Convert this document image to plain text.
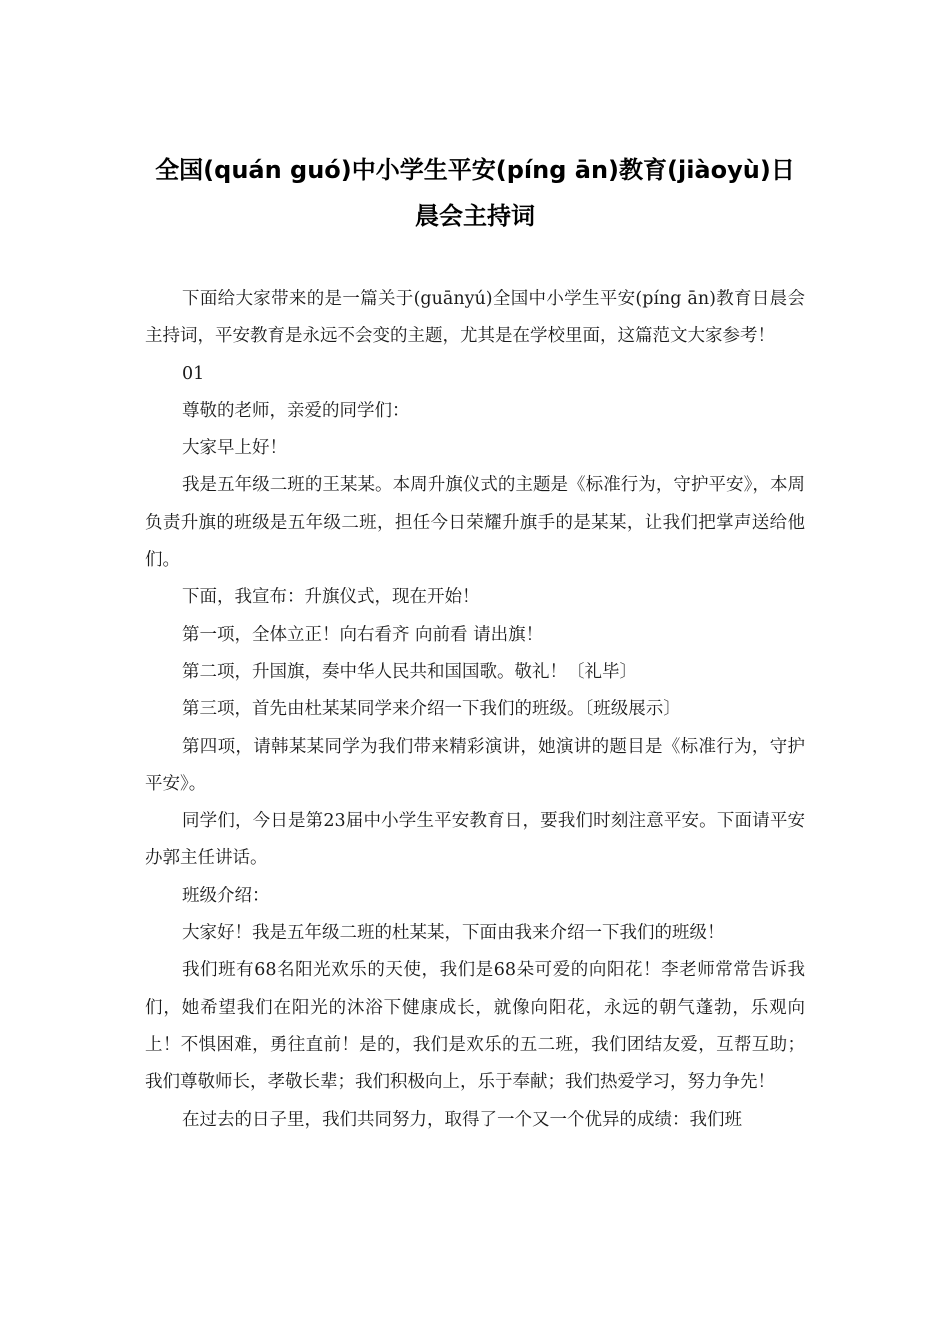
全国(quán guó)中小学生平安(píng ān)教育(jiàoyù)日晨会主持词

下面给大家带来的是一篇关于(guānyú)全国中小学生平安(píng ān)教育日晨会主持词，平安教育是永远不会变的主题，尤其是在学校里面，这篇范文大家参考！

01

尊敬的老师，亲爱的同学们：

大家早上好！

我是五年级二班的王某某。本周升旗仪式的主题是《标准行为，守护平安》，本周负责升旗的班级是五年级二班，担任今日荣耀升旗手的是某某，让我们把掌声送给他们。

下面，我宣布：升旗仪式，现在开始！

第一项，全体立正！向右看齐 向前看 请出旗！

第二项，升国旗，奏中华人民共和国国歌。敬礼！〔礼毕〕

第三项，首先由杜某某同学来介绍一下我们的班级。〔班级展示〕

第四项，请韩某某同学为我们带来精彩演讲，她演讲的题目是《标准行为，守护平安》。

同学们，今日是第23届中小学生平安教育日，要我们时刻注意平安。下面请平安办郭主任讲话。

班级介绍：

大家好！我是五年级二班的杜某某，下面由我来介绍一下我们的班级！

我们班有68名阳光欢乐的天使，我们是68朵可爱的向阳花！李老师常常告诉我们，她希望我们在阳光的沐浴下健康成长，就像向阳花，永远的朝气蓬勃，乐观向上！不惧困难，勇往直前！是的，我们是欢乐的五二班，我们团结友爱，互帮互助；我们尊敬师长，孝敬长辈；我们积极向上，乐于奉献；我们热爱学习，努力争先！

在过去的日子里，我们共同努力，取得了一个又一个优异的成绩：我们班
